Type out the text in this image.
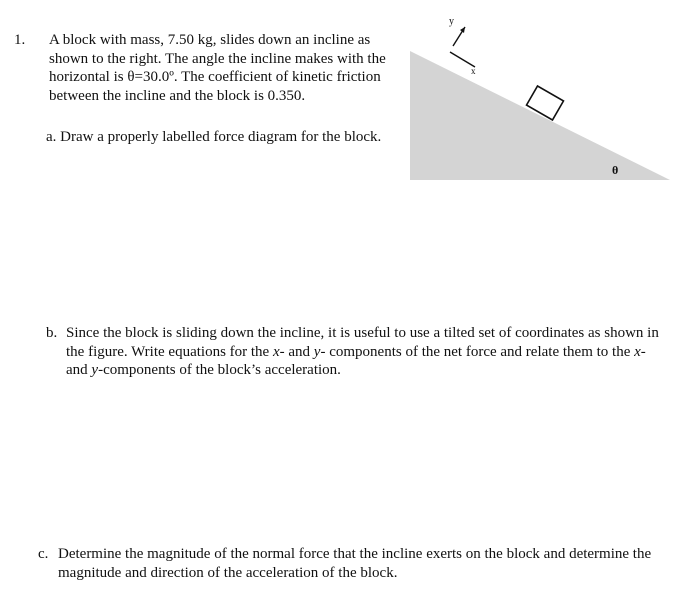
1. A block with mass, 7.50 kg, slides down an incline as
shown to the right. The angle the incline makes with the
horizontal is θ=30.0º. The coefficient of kinetic friction
between the incline and the block is 0.350.
y
x
θ
a. Draw a properly labelled force diagram for the block.
b. Since the block is sliding down the incline, it is useful to use a tilted set of coordinates as shown in the figure. Write equations for the x- and y- components of the net force and relate them to the x- and y-components of the block’s acceleration.
c. Determine the magnitude of the normal force that the incline exerts on the block and determine the magnitude and direction of the acceleration of the block.
